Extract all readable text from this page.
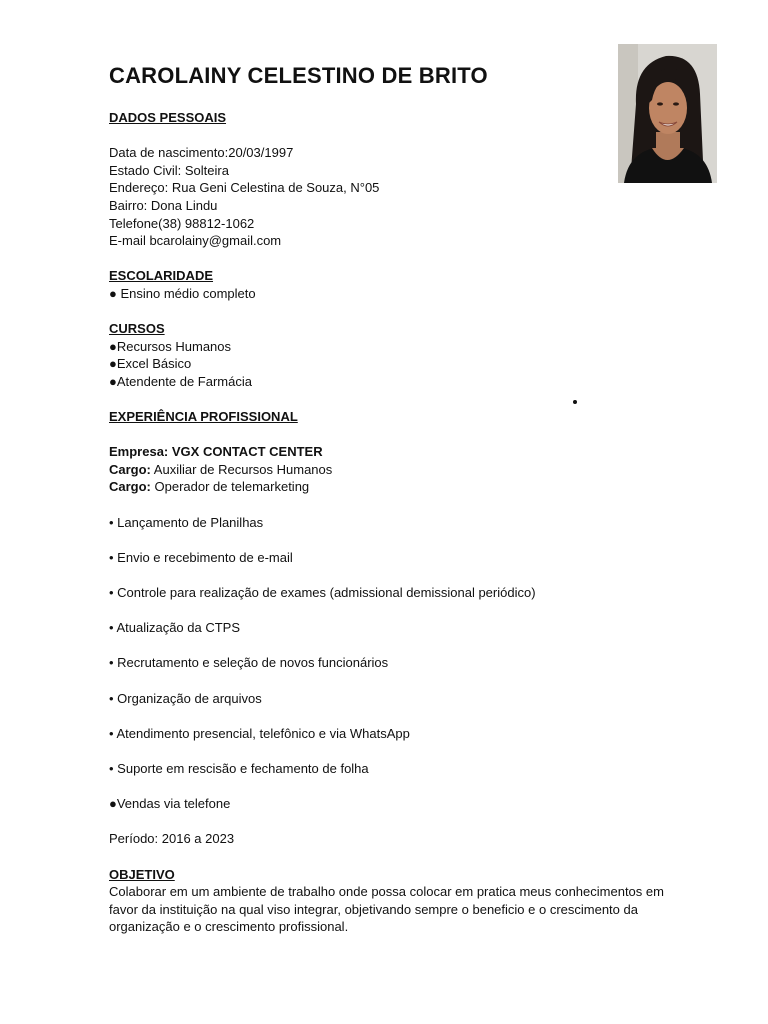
CAROLAINY CELESTINO DE BRITO
DADOS PESSOAIS
Data de nascimento:20/03/1997
Estado Civil: Solteira
Endereço: Rua Geni Celestina de Souza, N°05
Bairro: Dona Lindu
Telefone(38) 98812-1062
E-mail bcarolainy@gmail.com
ESCOLARIDADE
● Ensino médio completo
CURSOS
●Recursos Humanos
●Excel Básico
●Atendente de Farmácia
EXPERIÊNCIA PROFISSIONAL
Empresa: VGX CONTACT CENTER
Cargo: Auxiliar de Recursos Humanos
Cargo: Operador de telemarketing
• Lançamento de Planilhas
• Envio e recebimento de e-mail
• Controle para realização de exames (admissional demissional periódico)
• Atualização da CTPS
• Recrutamento e seleção de novos funcionários
• Organização de arquivos
• Atendimento presencial, telefônico e via WhatsApp
• Suporte em rescisão e fechamento de folha
●Vendas via telefone
Período: 2016 a 2023
OBJETIVO
Colaborar em um ambiente de trabalho onde possa colocar em pratica meus conhecimentos em favor da instituição na qual viso integrar, objetivando sempre o beneficio e o crescimento da organização e o crescimento profissional.
